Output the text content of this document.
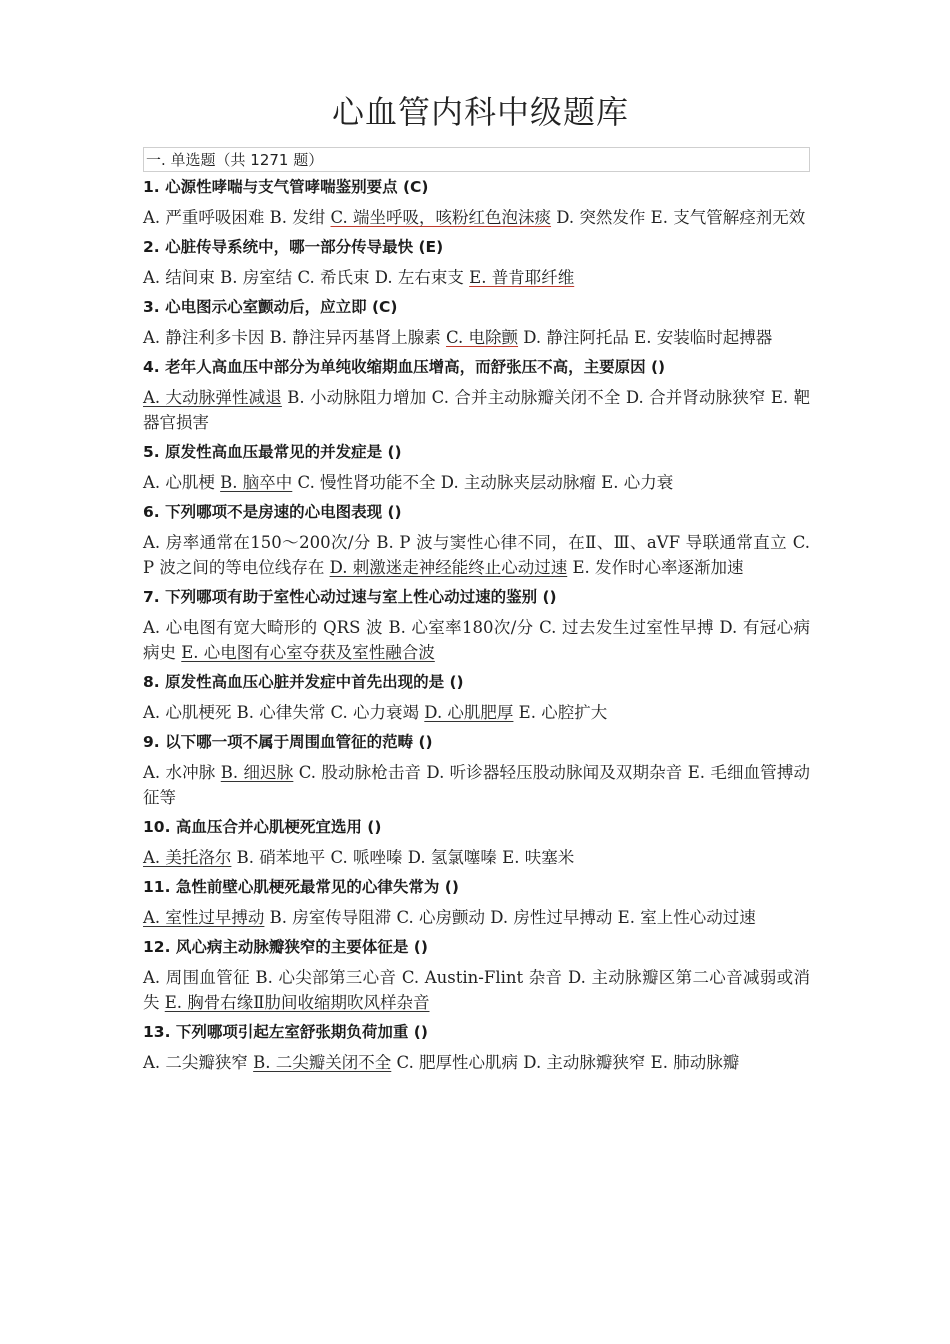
心血管内科中级题库
一. 单选题（共 1271 题）
1. 心源性哮喘与支气管哮喘鉴别要点 (C)
A. 严重呼吸困难 B. 发绀 C. 端坐呼吸，咳粉红色泡沫痰 D. 突然发作 E. 支气管解痉剂无效
2. 心脏传导系统中，哪一部分传导最快 (E)
A. 结间束 B. 房室结 C. 希氏束 D. 左右束支 E. 普肯耶纤维
3. 心电图示心室颤动后，应立即 (C)
A. 静注利多卡因 B. 静注异丙基肾上腺素 C. 电除颤 D. 静注阿托品 E. 安装临时起搏器
4. 老年人高血压中部分为单纯收缩期血压增高，而舒张压不高，主要原因 ()
A. 大动脉弹性减退 B. 小动脉阻力增加 C. 合并主动脉瓣关闭不全 D. 合并肾动脉狭窄 E. 靶器官损害
5. 原发性高血压最常见的并发症是 ()
A. 心肌梗 B. 脑卒中 C. 慢性肾功能不全 D. 主动脉夹层动脉瘤 E. 心力衰
6. 下列哪项不是房速的心电图表现 ()
A. 房率通常在150～200次/分 B. P 波与窦性心律不同，在Ⅱ、Ⅲ、aVF 导联通常直立 C. P 波之间的等电位线存在 D. 刺激迷走神经能终止心动过速 E. 发作时心率逐渐加速
7. 下列哪项有助于室性心动过速与室上性心动过速的鉴别 ()
A. 心电图有宽大畸形的 QRS 波 B. 心室率180次/分 C. 过去发生过室性早搏 D. 有冠心病病史 E. 心电图有心室夺获及室性融合波
8. 原发性高血压心脏并发症中首先出现的是 ()
A. 心肌梗死 B. 心律失常 C. 心力衰竭 D. 心肌肥厚 E. 心腔扩大
9. 以下哪一项不属于周围血管征的范畴 ()
A. 水冲脉 B. 细迟脉 C. 股动脉枪击音 D. 听诊器轻压股动脉闻及双期杂音 E. 毛细血管搏动征等
10. 高血压合并心肌梗死宜选用 ()
A. 美托洛尔 B. 硝苯地平 C. 哌唑嗪 D. 氢氯噻嗪 E. 呋塞米
11. 急性前壁心肌梗死最常见的心律失常为 ()
A. 室性过早搏动 B. 房室传导阻滞 C. 心房颤动 D. 房性过早搏动 E. 室上性心动过速
12. 风心病主动脉瓣狭窄的主要体征是 ()
A. 周围血管征 B. 心尖部第三心音 C. Austin-Flint 杂音 D. 主动脉瓣区第二心音减弱或消失 E. 胸骨右缘Ⅱ肋间收缩期吹风样杂音
13. 下列哪项引起左室舒张期负荷加重 ()
A. 二尖瓣狭窄 B. 二尖瓣关闭不全 C. 肥厚性心肌病 D. 主动脉瓣狭窄 E. 肺动脉瓣
